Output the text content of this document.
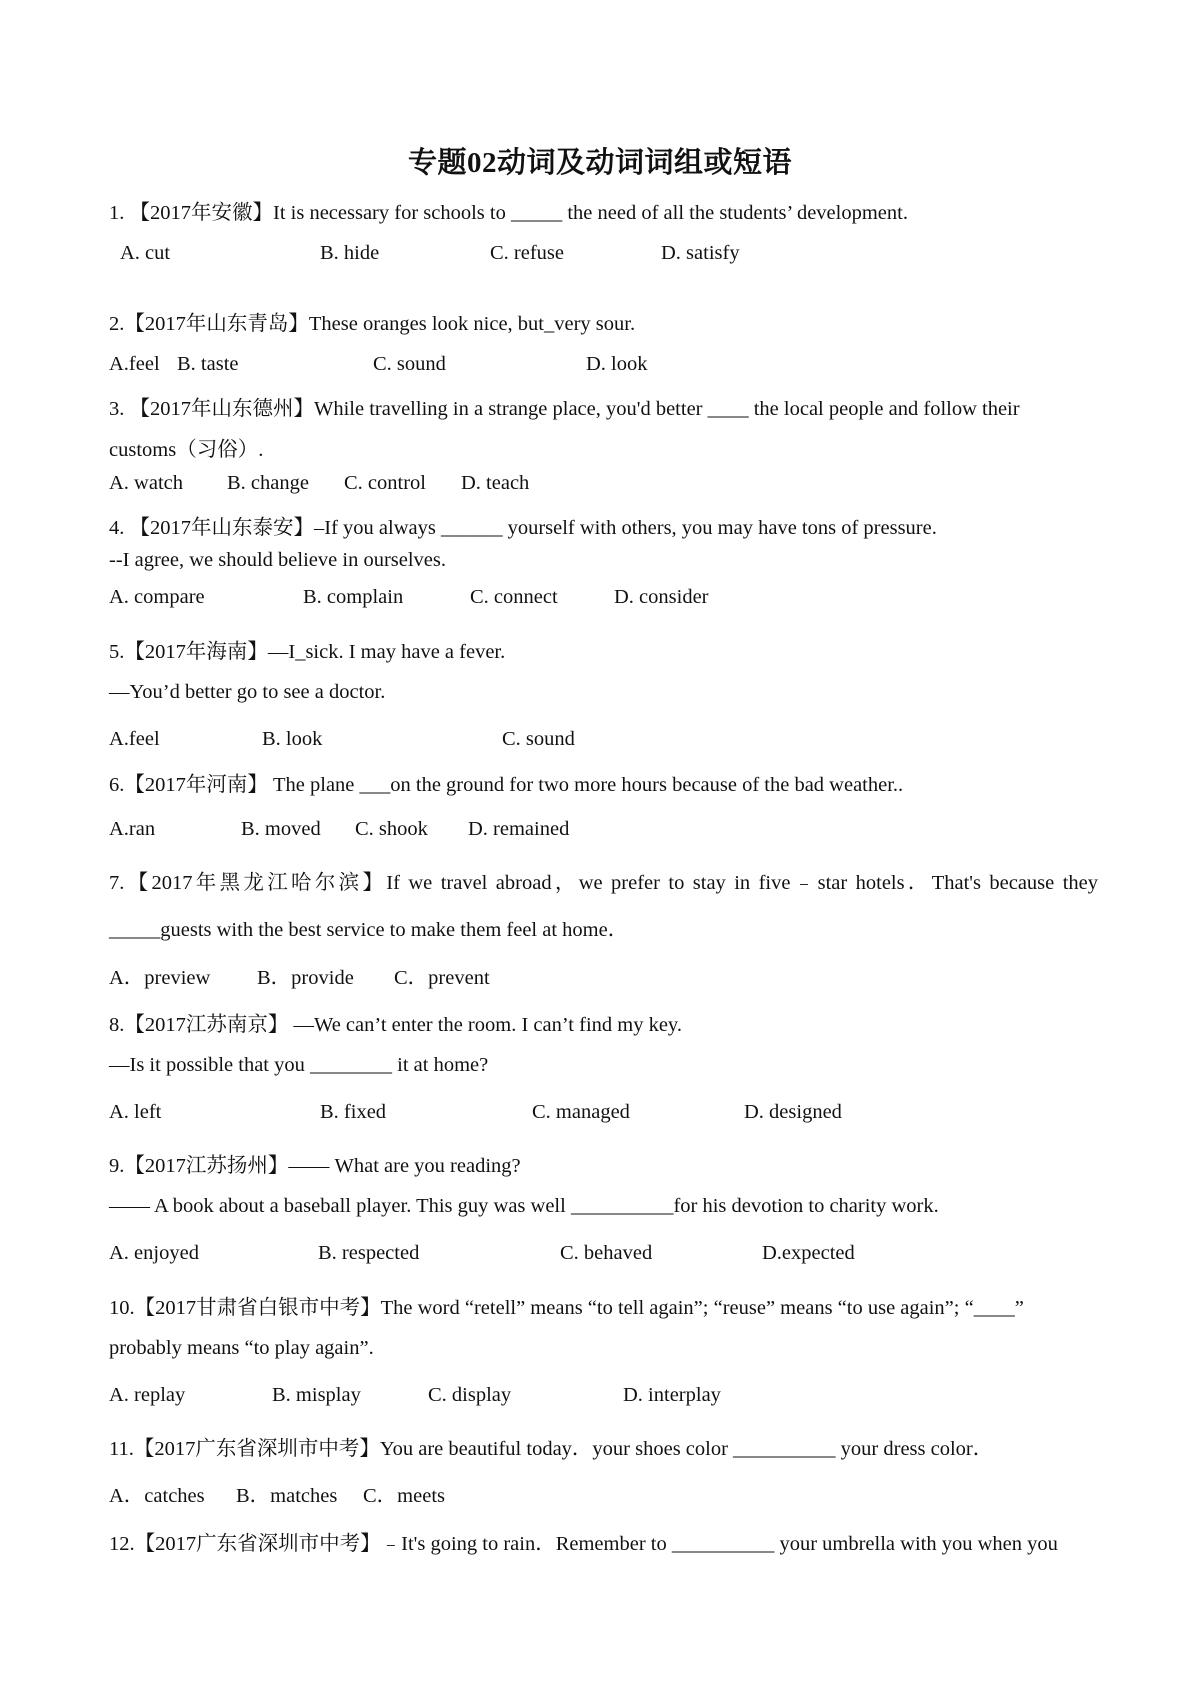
专题02动词及动词词组或短语
1. 【2017年安徽】It is necessary for schools to _____ the need of all the students’ development.
A. cut	B. hide	C. refuse	D. satisfy
2.【2017年山东青岛】These oranges look nice, but_very sour.
A.feel B. taste	C. sound	D. look
3. 【2017年山东德州】While travelling in a strange place, you'd better ____ the local people and follow their
customs（习俗）.
A. watch B. change C. control D. teach
4. 【2017年山东泰安】–If you always ______ yourself with others, you may have tons of pressure.
--I agree, we should believe in ourselves.
A. compare	B. complain	C. connect	D. consider
5.【2017年海南】—I_sick. I may have a fever.
—You’d better go to see a doctor.
A.feel	B. look	C. sound
6.【2017年河南】 The plane ___on the ground for two more hours because of the bad weather..
A.ran	B. moved C. shook D. remained
7.【2017年黑龙江哈尔滨】If we travel abroad，we prefer to stay in five﹣star hotels．That's because they
_____guests with the best service to make them feel at home．
A．preview B．provide C．prevent
8.【2017江苏南京】 —We can’t enter the room. I can’t find my key.
—Is it possible that you ________ it at home?
A. left	B. fixed	C. managed	D. designed
9.【2017江苏扬州】—— What are you reading?
—— A book about a baseball player. This guy was well __________for his devotion to charity work.
A. enjoyed	B. respected	C. behaved	D.expected
10.【2017甘肃省白银市中考】The word “retell” means “to tell again”; “reuse” means “to use again”; “____”
probably means “to play again”.
A. replay	B. misplay	C. display	D. interplay
11.【2017广东省深圳市中考】You are beautiful today．your shoes color __________ your dress color．
A．catches B．matches C．meets
12.【2017广东省深圳市中考】﹣It's going to rain．Remember to __________ your umbrella with you when you
